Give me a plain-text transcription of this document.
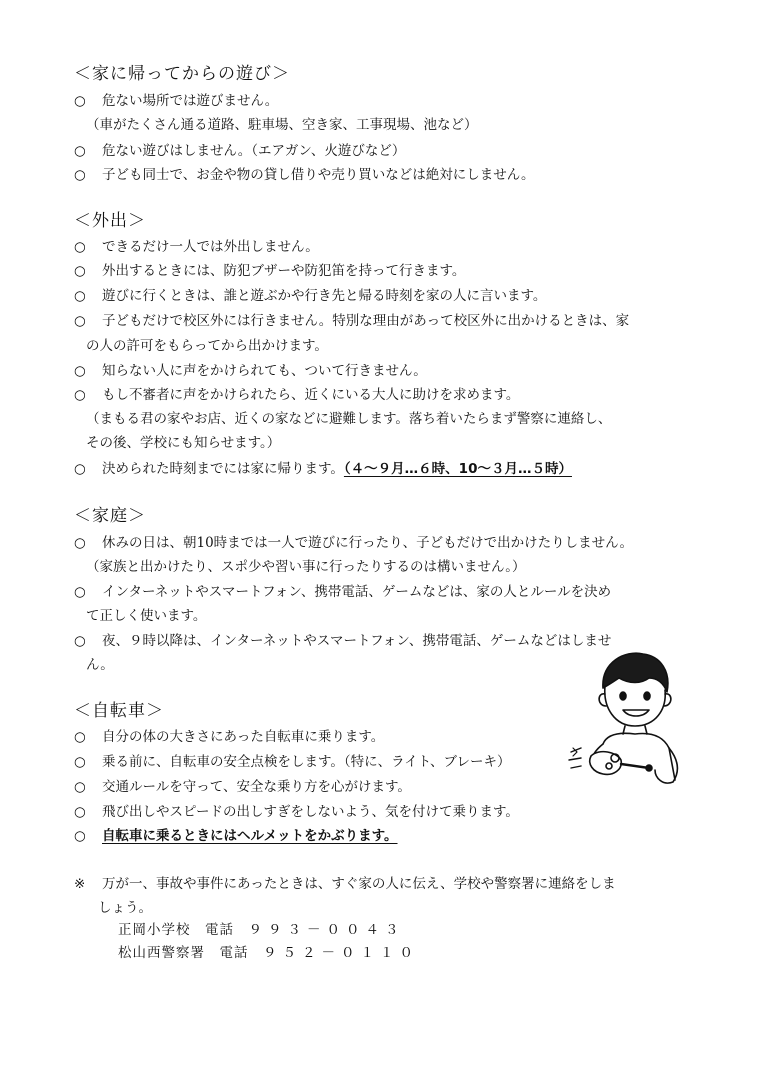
＜家に帰ってからの遊び＞
○ 危ない場所では遊びません。
（車がたくさん通る道路、駐車場、空き家、工事現場、池など）
○ 危ない遊びはしません。（エアガン、火遊びなど）
○ 子ども同士で、お金や物の貸し借りや売り買いなどは絶対にしません。
＜外出＞
○ できるだけ一人では外出しません。
○ 外出するときには、防犯ブザーや防犯笛を持って行きます。
○ 遊びに行くときは、誰と遊ぶかや行き先と帰る時刻を家の人に言います。
○ 子どもだけで校区外には行きません。特別な理由があって校区外に出かけるときは、家
の人の許可をもらってから出かけます。
○ 知らない人に声をかけられても、ついて行きません。
○ もし不審者に声をかけられたら、近くにいる大人に助けを求めます。
（まもる君の家やお店、近くの家などに避難します。落ち着いたらまず警察に連絡し、
その後、学校にも知らせます。）
○ 決められた時刻までには家に帰ります。（４～９月…６時、10～３月…５時）
＜家庭＞
○ 休みの日は、朝10時までは一人で遊びに行ったり、子どもだけで出かけたりしません。
（家族と出かけたり、スポ少や習い事に行ったりするのは構いません。）
○ インターネットやスマートフォン、携帯電話、ゲームなどは、家の人とルールを決め
て正しく使います。
○ 夜、９時以降は、インターネットやスマートフォン、携帯電話、ゲームなどはしませ
ん。
＜自転車＞
○ 自分の体の大きさにあった自転車に乗ります。
○ 乗る前に、自転車の安全点検をします。（特に、ライト、ブレーキ）
○ 交通ルールを守って、安全な乗り方を心がけます。
○ 飛び出しやスピードの出しすぎをしないよう、気を付けて乗ります。
○ 自転車に乗るときにはヘルメットをかぶります。
※ 万が一、事故や事件にあったときは、すぐ家の人に伝え、学校や警察署に連絡をしま
しょう。
正岡小学校　 電話　 ９９３－００４３
松山西警察署　 電話　 ９５２－０１１０
